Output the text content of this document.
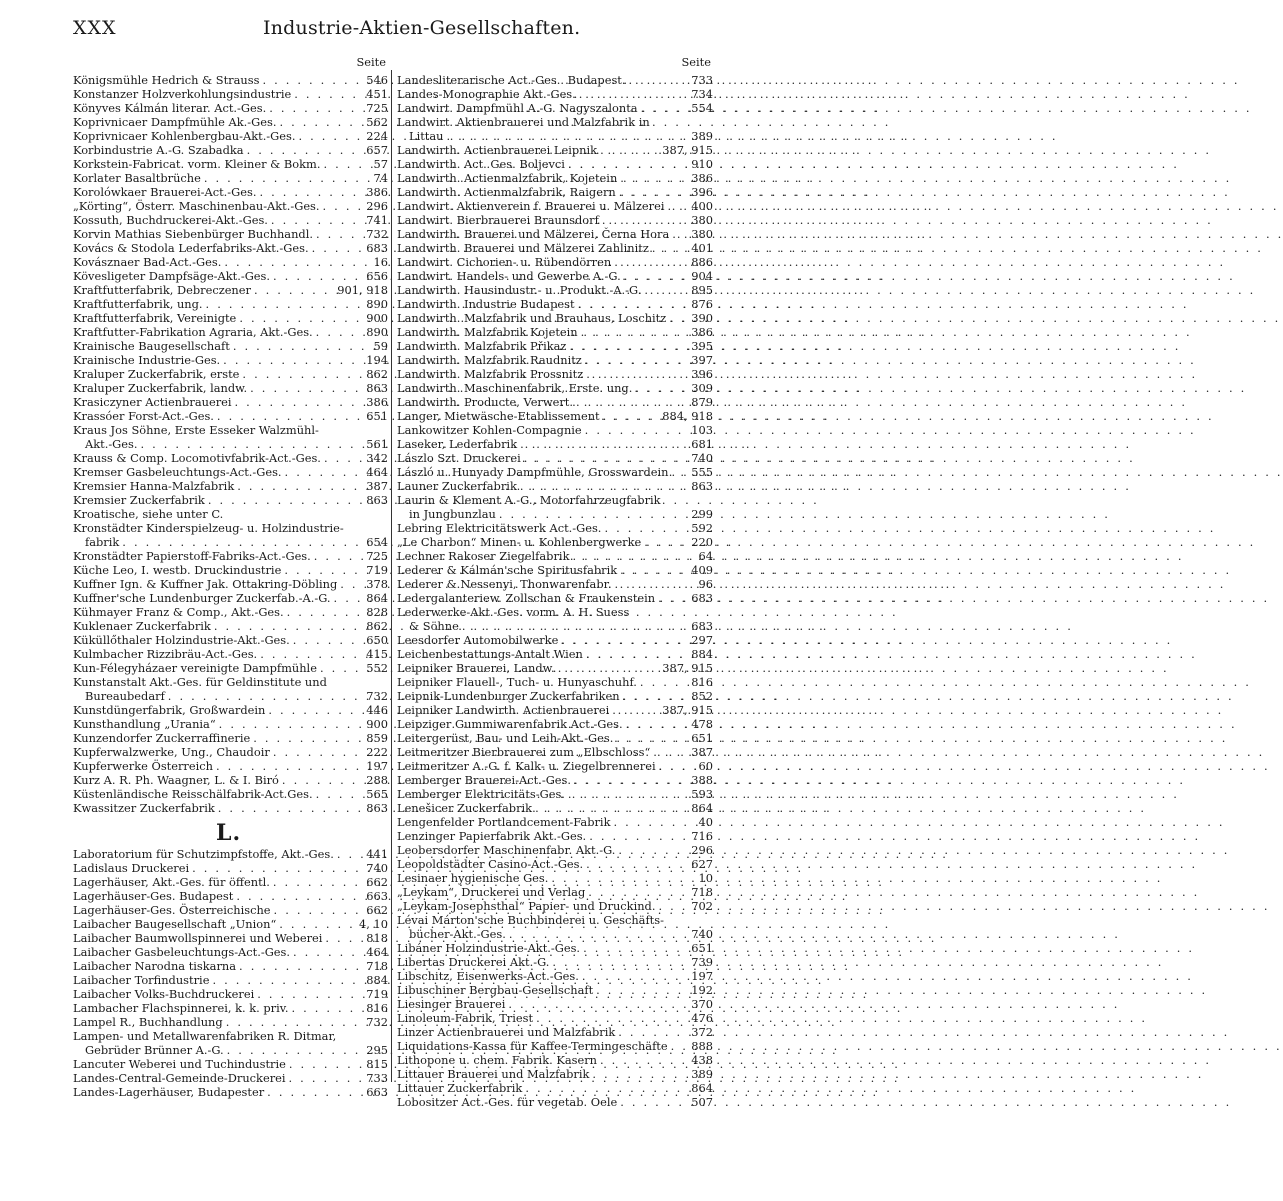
XXX	Industrie-Aktien-Gesellschaften.
Seite
Königsmühle Hedrich & Strauss . . .	546
Konstanzer Holzverkohlungsindustrie . . .	451
Könyves Kálmán literar. Act.-Ges. . . .	725
Koprivnicaer Dampfmühle Ak.-Ges. . . .	562
Koprivnicaer Kohlenbergbau-Akt.-Ges. . . .	224
Korbindustrie A.-G. Szabadka . . .	657
Korkstein-Fabricat. vorm. Kleiner & Bokm. . . .	57
Korlater Basaltbrüche . . .	74
Korolówkaer Brauerei-Act.-Ges. . . .	386
„Körting“, Österr. Maschinenbau-Akt.-Ges. . . .	296
Kossuth, Buchdruckerei-Akt.-Ges. . . .	741
Korvin Mathias Siebenbürger Buchhandl. . . .	732
Kovács & Stodola Lederfabriks-Akt.-Ges. . . .	683
Kovásznaer Bad-Act.-Ges. . . .	16
Kövesligeter Dampfsäge-Akt.-Ges. . . .	656
Kraftfutterfabrik, Debreczener . . .	901, 918
Kraftfutterfabrik, ung. . . .	890
Kraftfutterfabrik, Vereinigte . . .	900
Kraftfutter-Fabrikation Agraria, Akt.-Ges. . . .	890
Krainische Baugesellschaft . . .	59
Krainische Industrie-Ges. . . .	194
Kraluper Zuckerfabrik, erste . . .	862
Kraluper Zuckerfabrik, landw. . . .	863
Krasiczyner Actienbrauerei . . .	386
Krassóer Forst-Act.-Ges. . . .	651
Kraus Jos Söhne, Erste Esseker Walzmühl-
Akt.-Ges. . . .	561
Krauss & Comp. Locomotivfabrik-Act.-Ges. . . .	342
Kremser Gasbeleuchtungs-Act.-Ges. . . .	464
Kremsier Hanna-Malzfabrik . . .	387
Kremsier Zuckerfabrik . . .	863
Kroatische, siehe unter C.
Kronstädter Kinderspielzeug- u. Holzindustrie-
fabrik . . .	654
Kronstädter Papierstoff-Fabriks-Act.-Ges. . . .	725
Küche Leo, I. westb. Druckindustrie . . .	719
Kuffner Ign. & Kuffner Jak. Ottakring-Döbling . . .	378
Kuffner'sche Lundenburger Zuckerfab.-A.-G. . . .	864
Kühmayer Franz & Comp., Akt.-Ges. . . .	828
Kuklenaer Zuckerfabrik . . .	862
Küküllőthaler Holzindustrie-Akt.-Ges. . . .	650
Kulmbacher Rizzibräu-Act.-Ges. . . .	415
Kun-Félegyházaer vereinigte Dampfmühle . . .	552
Kunstanstalt Akt.-Ges. für Geldinstitute und
Bureaubedarf . . .	732
Kunstdüngerfabrik, Großwardein . . .	446
Kunsthandlung „Urania“ . . .	900
Kunzendorfer Zuckerraffinerie . . .	859
Kupferwalzwerke, Ung., Chaudoir . . .	222
Kupferwerke Österreich . . .	197
Kurz A. R. Ph. Waagner, L. & I. Biró . . .	288
Küstenländische Reisschälfabrik-Act.Ges. . . .	565
Kwassitzer Zuckerfabrik . . .	863
L.
Laboratorium für Schutzimpfstoffe, Akt.-Ges. . . .	441
Ladislaus Druckerei . . .	740
Lagerhäuser, Akt.-Ges. für öffentl. . . .	662
Lagerhäuser-Ges. Budapest . . .	663
Lagerhäuser-Ges. Österreichische . . .	662
Laibacher Baugesellschaft „Union“ . . .	4, 10
Laibacher Baumwollspinnerei und Weberei . . .	818
Laibacher Gasbeleuchtungs-Act.-Ges. . . .	464
Laibacher Narodna tiskarna . . .	718
Laibacher Torfindustrie . . .	884
Laibacher Volks-Buchdruckerei . . .	719
Lambacher Flachspinnerei, k. k. priv. . . .	816
Lampel R., Buchhandlung . . .	732
Lampen- und Metallwarenfabriken R. Ditmar,
Gebrüder Brünner A.-G. . . .	295
Lancuter Weberei und Tuchindustrie . . .	815
Landes-Central-Gemeinde-Druckerei . . .	733
Landes-Lagerhäuser, Budapester . . .	663
Seite
Landesliterarische Act.-Ges.. Budapest. . . .	733
Landes-Monographie Akt.-Ges. . . .	734
Landwirt. Dampfmühl A.-G. Nagyszalonta . . .	554
Landwirt. Aktienbrauerei und Malzfabrik in
Littau . . .	389
Landwirth. Actienbrauerei Leipnik . . .	387, 915
Landwirth. Act. Ges. Boljevci . . .	910
Landwirth. Actienmalzfabrik, Kojetein . . .	386
Landwirth. Actienmalzfabrik, Raigern . . .	396
Landwirt. Aktienverein f. Brauerei u. Mälzerei . . .	400
Landwirt. Bierbrauerei Braunsdorf . . .	380
Landwirth. Brauerei und Mälzerei, Černa Hora . . .	380
Landwirth. Brauerei und Mälzerei Zahlinitz . . .	401
Landwirt. Cichorien- u. Rübendörren . . .	886
Landwirt. Handels- und Gewerbe A.-G. . . .	904
Landwirth. Hausindustr.- u. Produkt.-A.-G. . . .	895
Landwirth. Industrie Budapest . . .	876
Landwirth. Malzfabrik und Brauhaus, Loschitz . . .	390
Landwirth. Malzfabrik Kojetein . . .	386
Landwirth. Malzfabrik Přikaz . . .	395
Landwirth. Malzfabrik Raudnitz . . .	397
Landwirth. Malzfabrik Prossnitz . . .	396
Landwirth. Maschinenfabrik, Erste. ung. . . .	309
Landwirth. Producte, Verwert. . . .	879
Langer, Mietwäsche-Etablissement . . .	884, 918
Lankowitzer Kohlen-Compagnie . . .	103
Laseker, Lederfabrik . . .	681
Lászlo Szt. Druckerei . . .	740
László u. Hunyady Dampfmühle, Grosswardein . . .	555
Launer Zuckerfabrik . . .	863
Laurin & Klement A.-G., Motorfahrzeugfabrik
in Jungbunzlau . . .	299
Lebring Elektricitätswerk Act.-Ges. . . .	592
„Le Charbon“ Minen- u. Kohlenbergwerke . . .	220
Lechner Rakoser Ziegelfabrik . . .	64
Lederer & Kálmán'sche Spiritusfabrik . . .	409
Lederer & Nessenyi, Thonwarenfabr. . . .	96
Ledergalanteriew. Zollschan & Fraukenstein . . .	683
Lederwerke-Akt.-Ges. vorm. A. H. Suess
& Söhne . . .	683
Leesdorfer Automobilwerke . . .	297
Leichenbestattungs-Antalt Wien . . .	884
Leipniker Brauerei, Landw. . . .	387, 915
Leipniker Flauell-, Tuch- u. Hunyaschuhf. . . .	816
Leipnik-Lundenburger Zuckerfabriken . . .	852
Leipniker Landwirth. Actienbrauerei . . .	387, 915
Leipziger Gummiwarenfabrik Act.-Ges. . . .	478
Leitergerüst, Bau- und Leih-Akt.-Ges. . . .	651
Leitmeritzer Bierbrauerei zum „Elbschloss“ . . .	387
Leitmeritzer A.-G. f. Kalk- u. Ziegelbrennerei . . .	60
Lemberger Brauerei-Act.-Ges. . . .	388
Lemberger Elektricitäts-Ges. . . .	593
Lenešicer Zuckerfabrik . . .	864
Lengenfelder Portlandcement-Fabrik . . .	40
Lenzinger Papierfabrik Akt.-Ges. . . .	716
Leobersdorfer Maschinenfabr. Akt.-G. . . .	296
Leopoldstädter Casino-Act.-Ges. . . .	627
Lesinaer hygienische Ges. . . .	10
„Leykam“, Druckerei und Verlag . . .	718
„Leykam-Josephsthal“ Papier- und Druckind. . . .	702
Lévai Márton'sche Buchbinderei u. Geschäfts-
bücher-Akt.-Ges. . . .	740
Libáner Holzindustrie-Akt.-Ges. . . .	651
Libertas Druckerei Akt.-G. . . .	739
Libschitz, Eisenwerks-Act.-Ges. . . .	197
Libuschiner Bergbau-Gesellschaft . . .	192
Liesinger Brauerei . . .	370
Linoleum-Fabrik, Triest . . .	476
Linzer Actienbrauerei und Malzfabrik . . .	372
Liquidations-Kassa für Kaffee-Termingeschäfte . . .	888
Lithopone u. chem. Fabrik. Kasern . . .	438
Littauer Brauerei und Malzfabrik . . .	389
Littauer Zuckerfabrik . . .	864
Lobositzer Act.-Ges. für vegetab. Oele . . .	507
